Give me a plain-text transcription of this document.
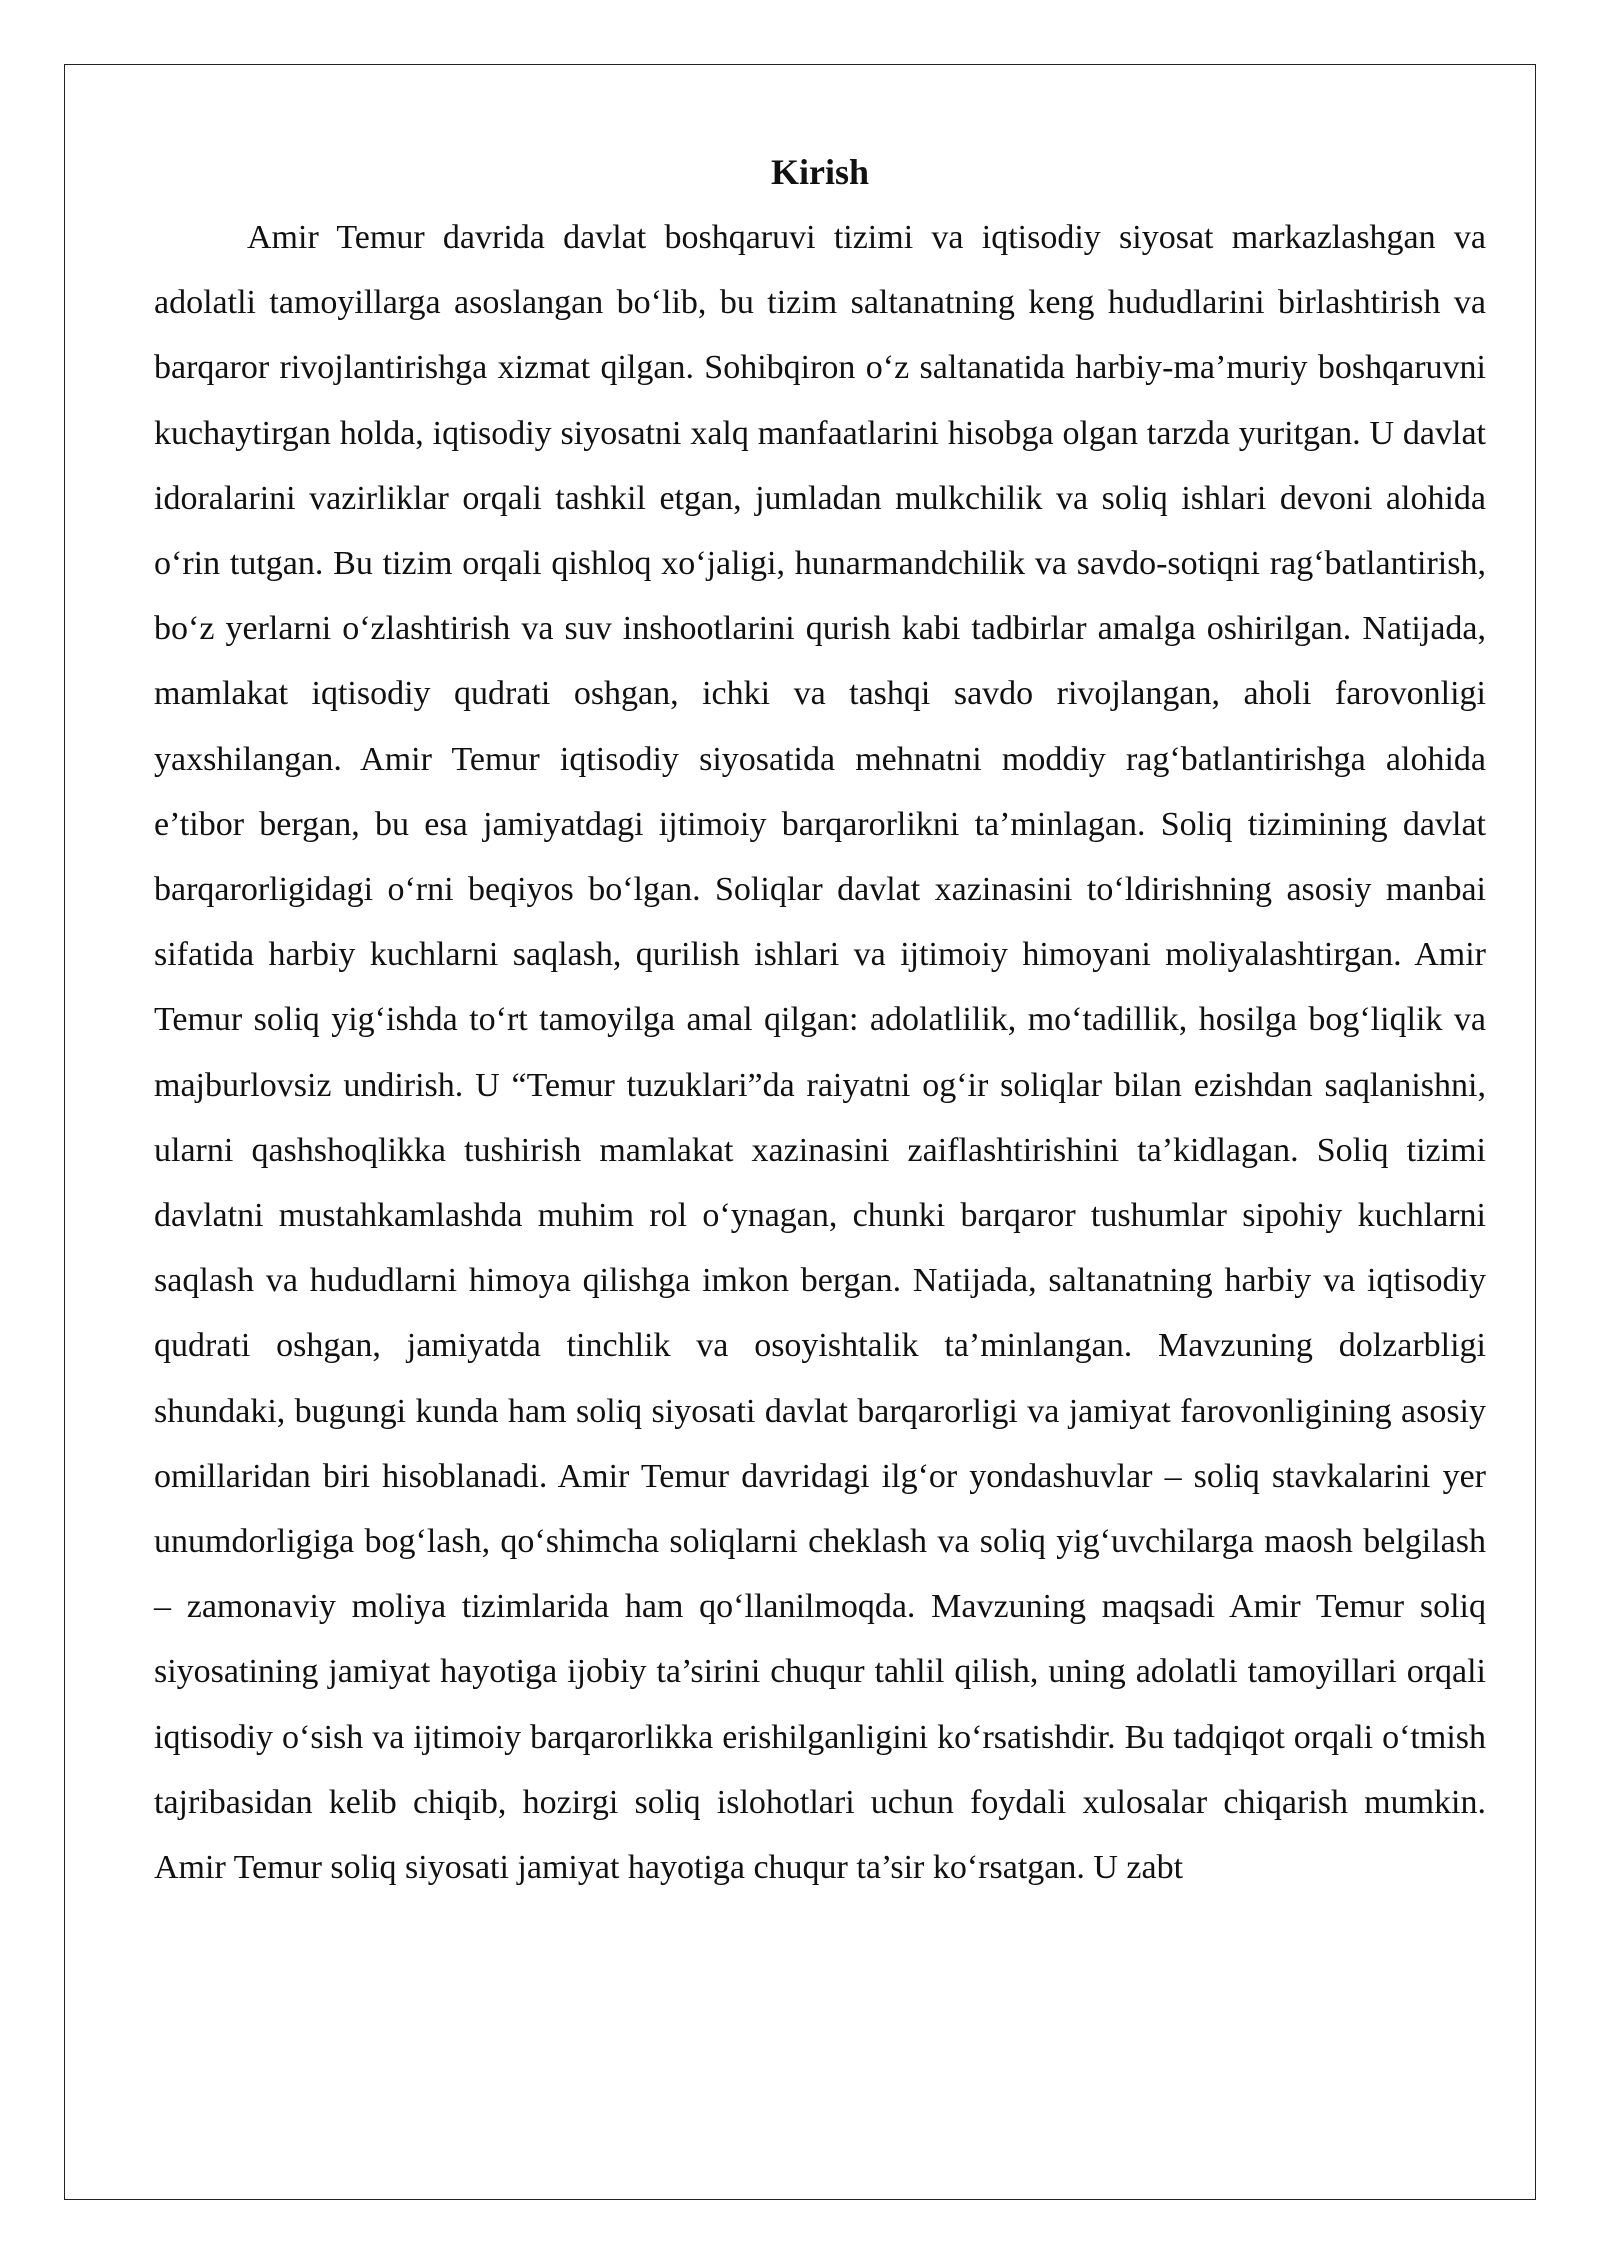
Kirish

Amir Temur davrida davlat boshqaruvi tizimi va iqtisodiy siyosat markazlashgan va adolatli tamoyillarga asoslangan bo‘lib, bu tizim saltanatning keng hududlarini birlashtirish va barqaror rivojlantirishga xizmat qilgan. Sohibqiron o‘z saltanatida harbiy-ma’muriy boshqaruvni kuchaytirgan holda, iqtisodiy siyosatni xalq manfaatlarini hisobga olgan tarzda yuritgan. U davlat idoralarini vazirliklar orqali tashkil etgan, jumladan mulkchilik va soliq ishlari devoni alohida o‘rin tutgan. Bu tizim orqali qishloq xo‘jaligi, hunarmandchilik va savdo-sotiqni rag‘batlantirish, bo‘z yerlarni o‘zlashtirish va suv inshootlarini qurish kabi tadbirlar amalga oshirilgan. Natijada, mamlakat iqtisodiy qudrati oshgan, ichki va tashqi savdo rivojlangan, aholi farovonligi yaxshilangan. Amir Temur iqtisodiy siyosatida mehnatni moddiy rag‘batlantirishga alohida e’tibor bergan, bu esa jamiyatdagi ijtimoiy barqarorlikni ta’minlagan. Soliq tizimining davlat barqarorligidagi o‘rni beqiyos bo‘lgan. Soliqlar davlat xazinasini to‘ldirishning asosiy manbai sifatida harbiy kuchlarni saqlash, qurilish ishlari va ijtimoiy himoyani moliyalashtirgan. Amir Temur soliq yig‘ishda to‘rt tamoyilga amal qilgan: adolatlilik, mo‘tadillik, hosilga bog‘liqlik va majburlovsiz undirish. U “Temur tuzuklari”da raiyatni og‘ir soliqlar bilan ezishdan saqlanishni, ularni qashshoqlikka tushirish mamlakat xazinasini zaiflashtirishini ta’kidlagan. Soliq tizimi davlatni mustahkamlashda muhim rol o‘ynagan, chunki barqaror tushumlar sipohiy kuchlarni saqlash va hududlarni himoya qilishga imkon bergan. Natijada, saltanatning harbiy va iqtisodiy qudrati oshgan, jamiyatda tinchlik va osoyishtalik ta’minlangan. Mavzuning dolzarbligi shundaki, bugungi kunda ham soliq siyosati davlat barqarorligi va jamiyat farovonligining asosiy omillaridan biri hisoblanadi. Amir Temur davridagi ilg‘or yondashuvlar – soliq stavkalarini yer unumdorligiga bog‘lash, qo‘shimcha soliqlarni cheklash va soliq yig‘uvchilarga maosh belgilash – zamonaviy moliya tizimlarida ham qo‘llanilmoqda. Mavzuning maqsadi Amir Temur soliq siyosatining jamiyat hayotiga ijobiy ta’sirini chuqur tahlil qilish, uning adolatli tamoyillari orqali iqtisodiy o‘sish va ijtimoiy barqarorlikka erishilganligini ko‘rsatishdir. Bu tadqiqot orqali o‘tmish tajribasidan kelib chiqib, hozirgi soliq islohotlari uchun foydali xulosalar chiqarish mumkin. Amir Temur soliq siyosati jamiyat hayotiga chuqur ta’sir ko‘rsatgan. U zabt
